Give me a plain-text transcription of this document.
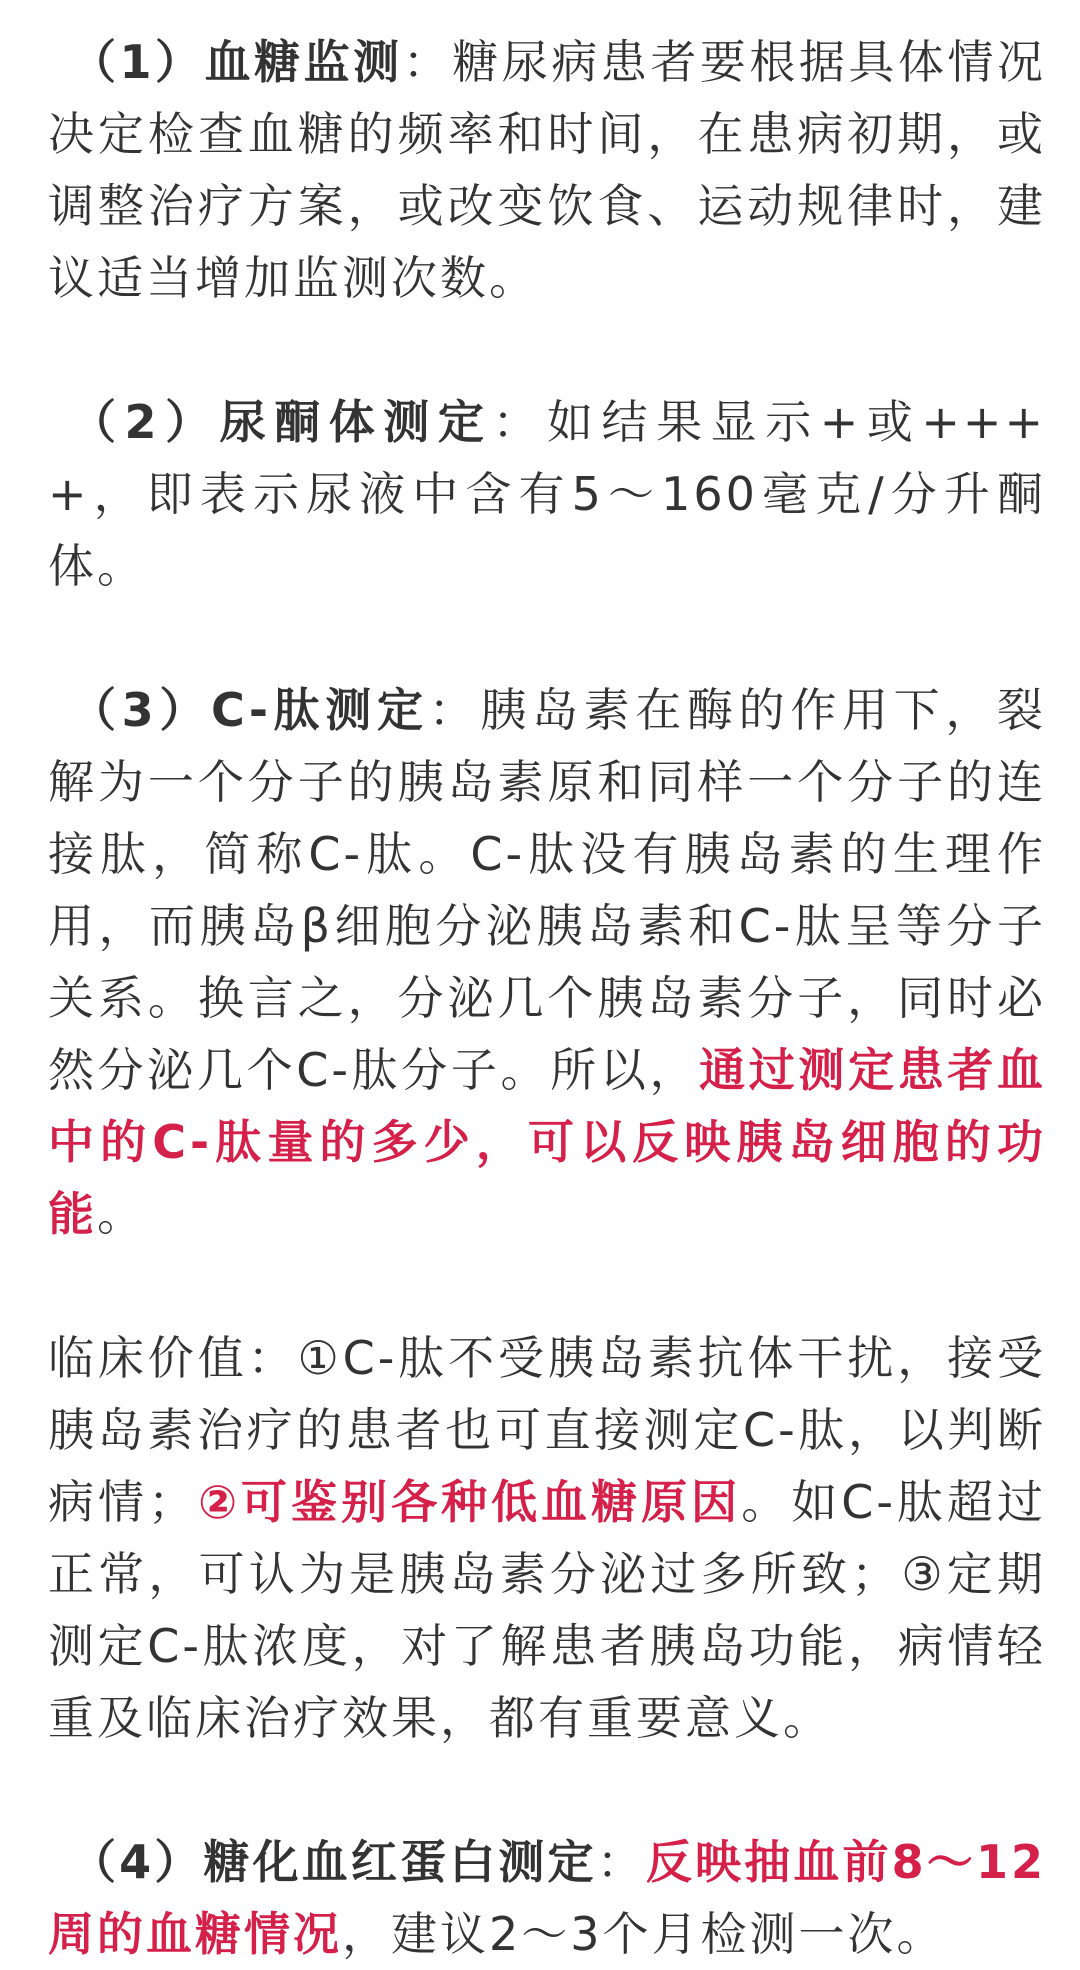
（1）血糖监测：糖尿病患者要根据具体情况决定检查血糖的频率和时间，在患病初期，或调整治疗方案，或改变饮食、运动规律时，建议适当增加监测次数。

（2）尿酮体测定：如结果显示+或++++，即表示尿液中含有5～160毫克/分升酮体。

（3）C-肽测定：胰岛素在酶的作用下，裂解为一个分子的胰岛素原和同样一个分子的连接肽，简称C-肽。C-肽没有胰岛素的生理作用，而胰岛β细胞分泌胰岛素和C-肽呈等分子关系。换言之，分泌几个胰岛素分子，同时必然分泌几个C-肽分子。所以，通过测定患者血中的C-肽量的多少，可以反映胰岛细胞的功能。

临床价值：①C-肽不受胰岛素抗体干扰，接受胰岛素治疗的患者也可直接测定C-肽，以判断病情；②可鉴别各种低血糖原因。如C-肽超过正常，可认为是胰岛素分泌过多所致；③定期测定C-肽浓度，对了解患者胰岛功能，病情轻重及临床治疗效果，都有重要意义。

（4）糖化血红蛋白测定：反映抽血前8～12周的血糖情况，建议2～3个月检测一次。
